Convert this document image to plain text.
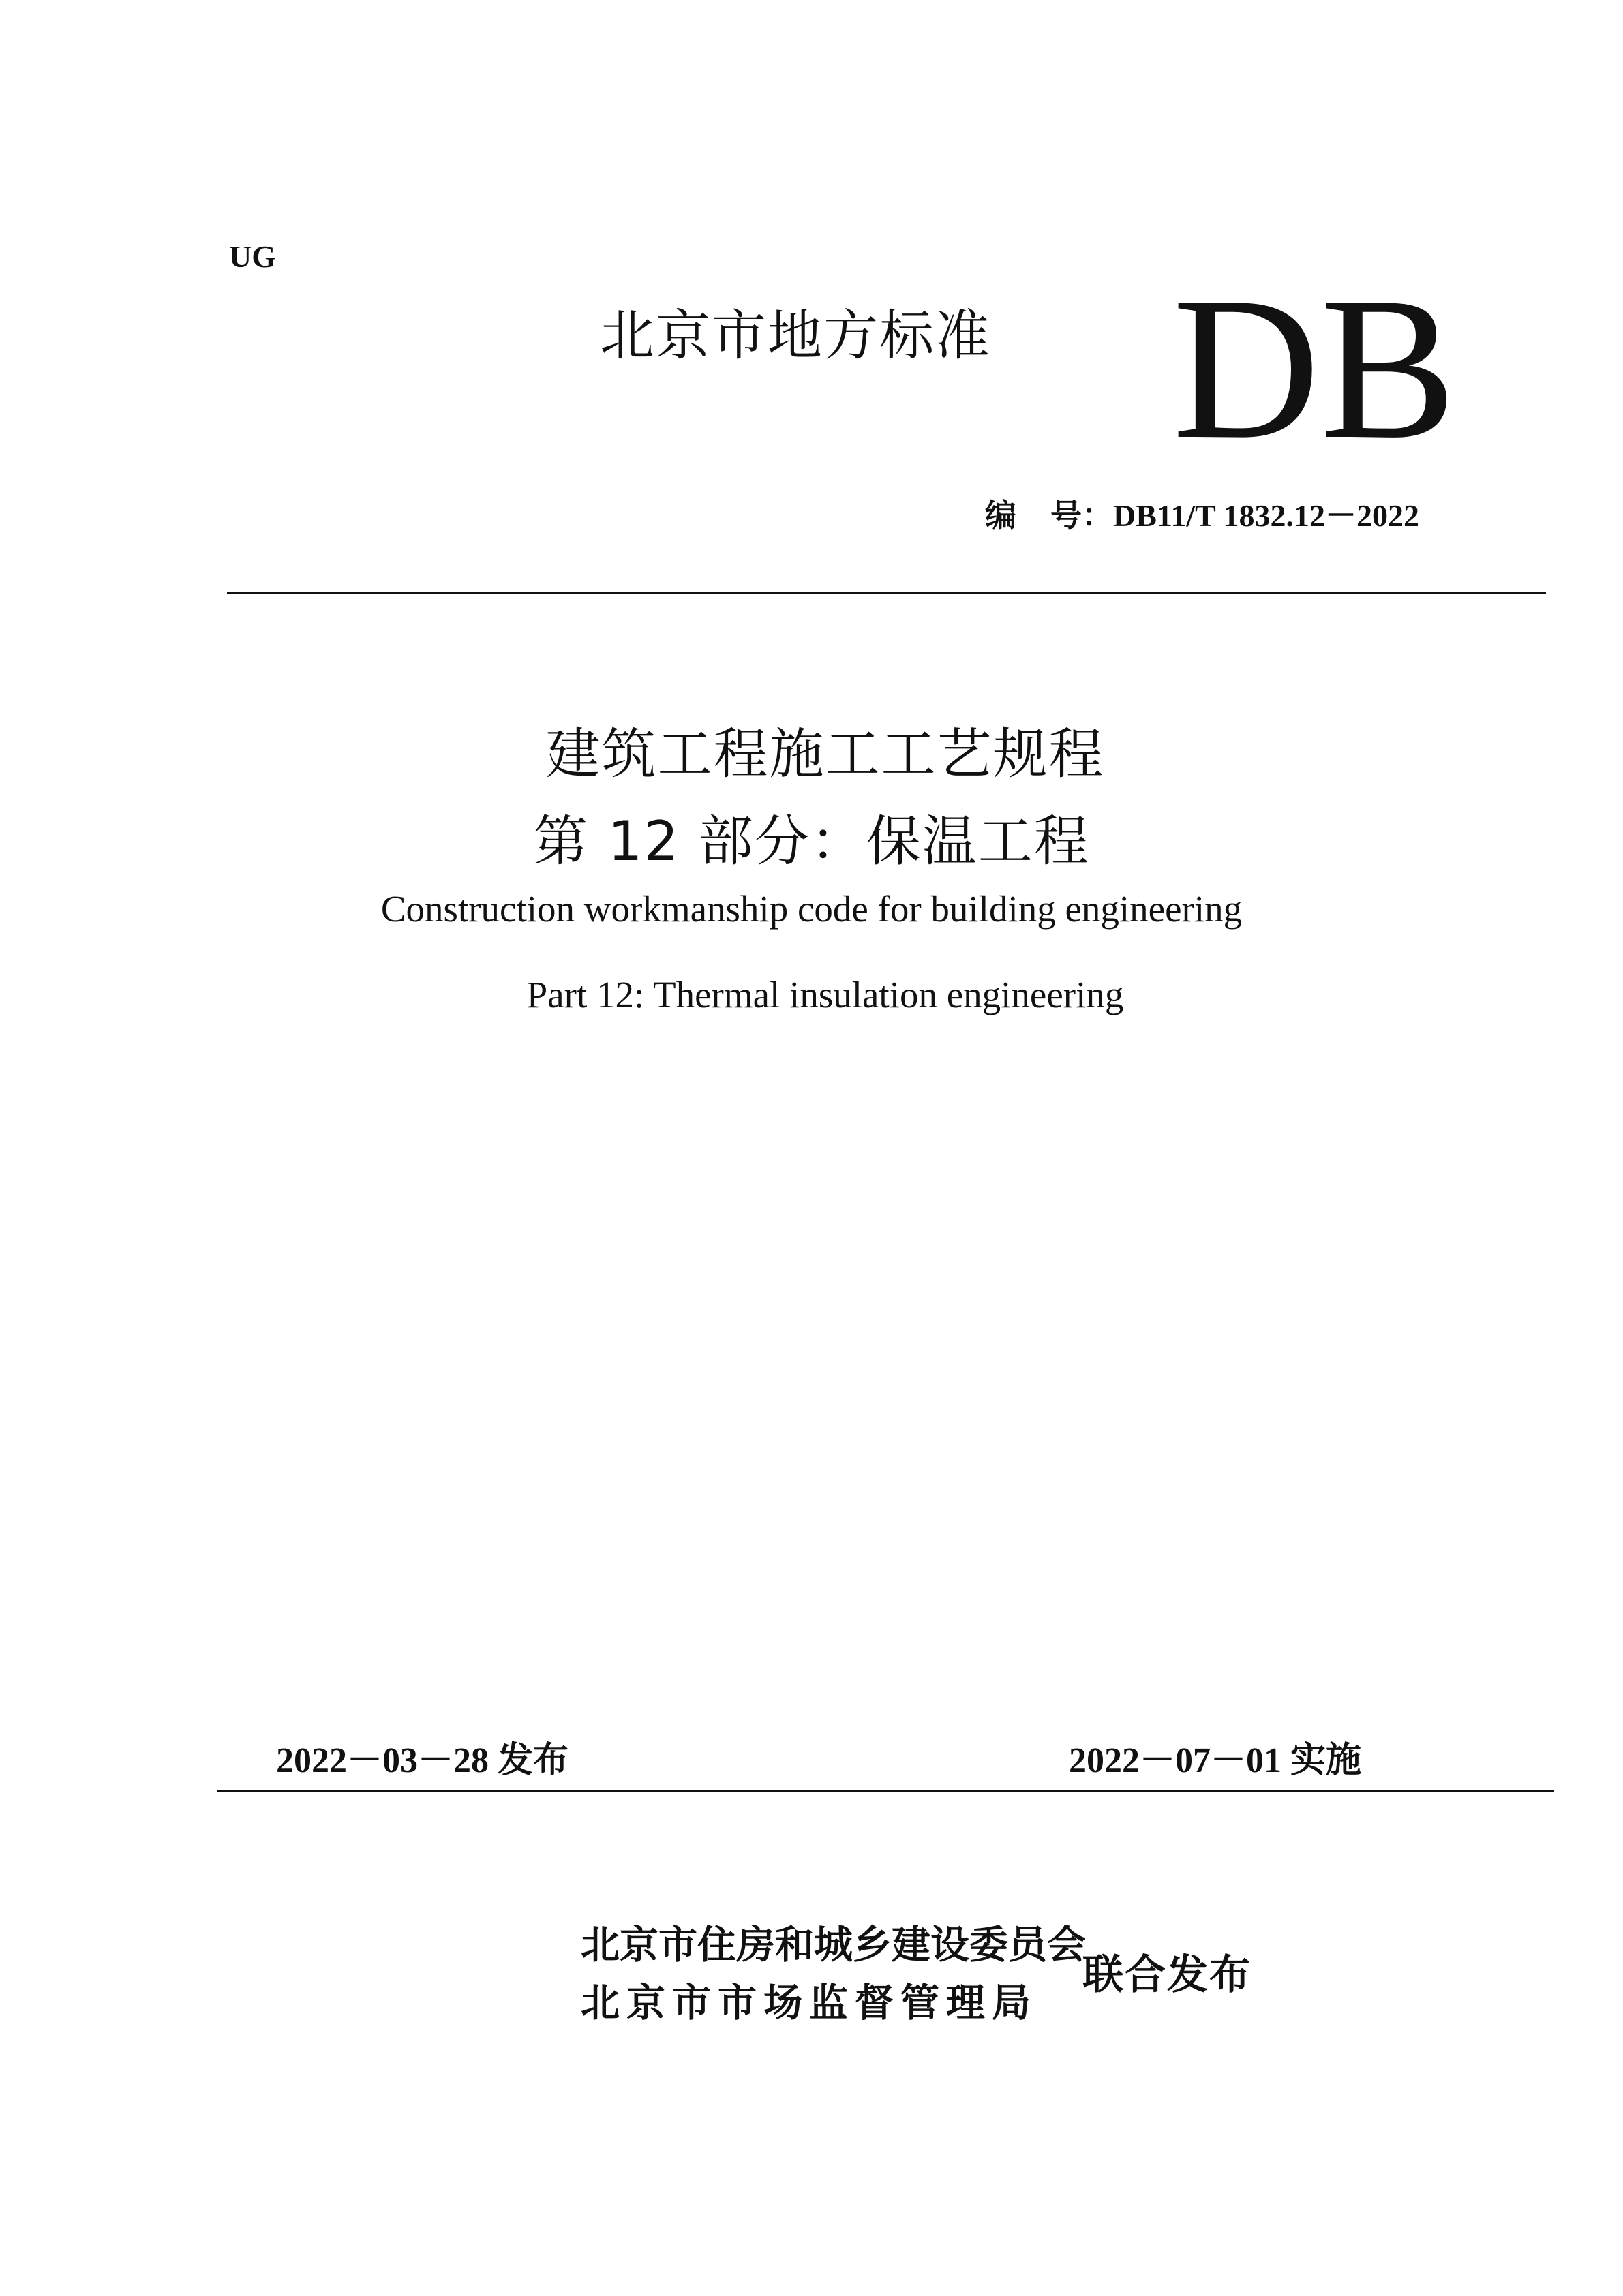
UG
北京市地方标准 DB
编 号：DB11/T 1832.12－2022
建筑工程施工工艺规程
第 12 部分：保温工程
Construction workmanship code for building engineering
Part 12: Thermal insulation engineering
2022－03－28 发布	2022－07－01 实施
北京市住房和城乡建设委员会
北京市市场监督管理局
联合发布
